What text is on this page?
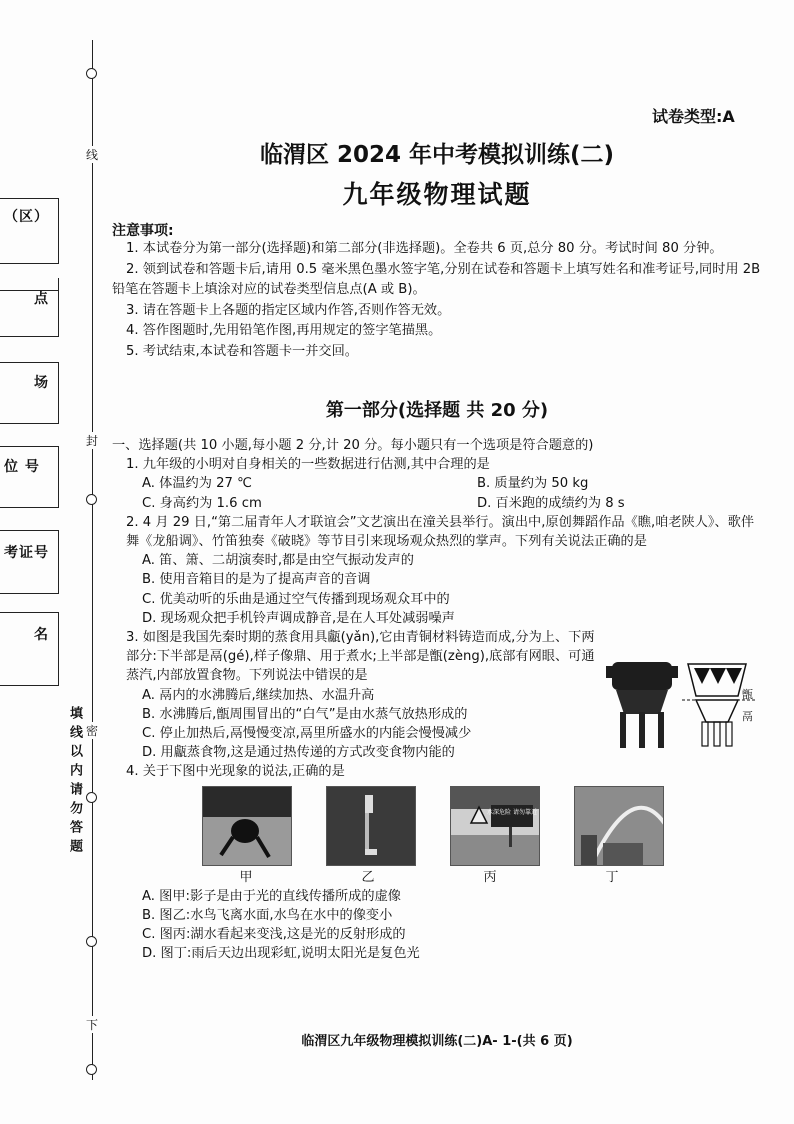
（区）
点
场
位 号
考证号
名
线
封
密
下
填线以内请勿答题
试卷类型:A
临渭区 2024 年中考模拟训练(二)
九年级物理试题
注意事项:

1. 本试卷分为第一部分(选择题)和第二部分(非选择题)。全卷共 6 页,总分 80 分。考试时间 80 分钟。

2. 领到试卷和答题卡后,请用 0.5 毫米黑色墨水签字笔,分别在试卷和答题卡上填写姓名和准考证号,同时用 2B 铅笔在答题卡上填涂对应的试卷类型信息点(A 或 B)。

3. 请在答题卡上各题的指定区域内作答,否则作答无效。

4. 答作图题时,先用铅笔作图,再用规定的签字笔描黑。

5. 考试结束,本试卷和答题卡一并交回。

第一部分(选择题 共 20 分)

一、选择题(共 10 小题,每小题 2 分,计 20 分。每小题只有一个选项是符合题意的)

1. 九年级的小明对自身相关的一些数据进行估测,其中合理的是

A. 体温约为 27 ℃	B. 质量约为 50 kg
C. 身高约为 1.6 cm	D. 百米跑的成绩约为 8 s

2. 4 月 29 日,“第二届青年人才联谊会”文艺演出在潼关县举行。演出中,原创舞蹈作品《瞧,咱老陕人》、歌伴舞《龙船调》、竹笛独奏《破晓》等节目引来现场观众热烈的掌声。下列有关说法正确的是

A. 笛、箫、二胡演奏时,都是由空气振动发声的

B. 使用音箱目的是为了提高声音的音调

C. 优美动听的乐曲是通过空气传播到现场观众耳中的

D. 现场观众把手机铃声调成静音,是在人耳处减弱噪声

3. 如图是我国先秦时期的蒸食用具甗(yǎn),它由青铜材料铸造而成,分为上、下两部分:下半部是鬲(gé),样子像鼎、用于煮水;上半部是甑(zèng),底部有网眼、可通蒸汽,内部放置食物。下列说法中错误的是

A. 鬲内的水沸腾后,继续加热、水温升高

B. 水沸腾后,甑周围冒出的“白气”是由水蒸气放热形成的

C. 停止加热后,鬲慢慢变凉,鬲里所盛水的内能会慢慢减少

D. 用甗蒸食物,这是通过热传递的方式改变食物内能的

4. 关于下图中光现象的说法,正确的是

水深危险 请勿靠近
甲	乙	丙	丁

A. 图甲:影子是由于光的直线传播所成的虚像

B. 图乙:水鸟飞离水面,水鸟在水中的像变小

C. 图丙:湖水看起来变浅,这是光的反射形成的

D. 图丁:雨后天边出现彩虹,说明太阳光是复色光

甑
鬲
临渭区九年级物理模拟训练(二)A- 1-(共 6 页)
